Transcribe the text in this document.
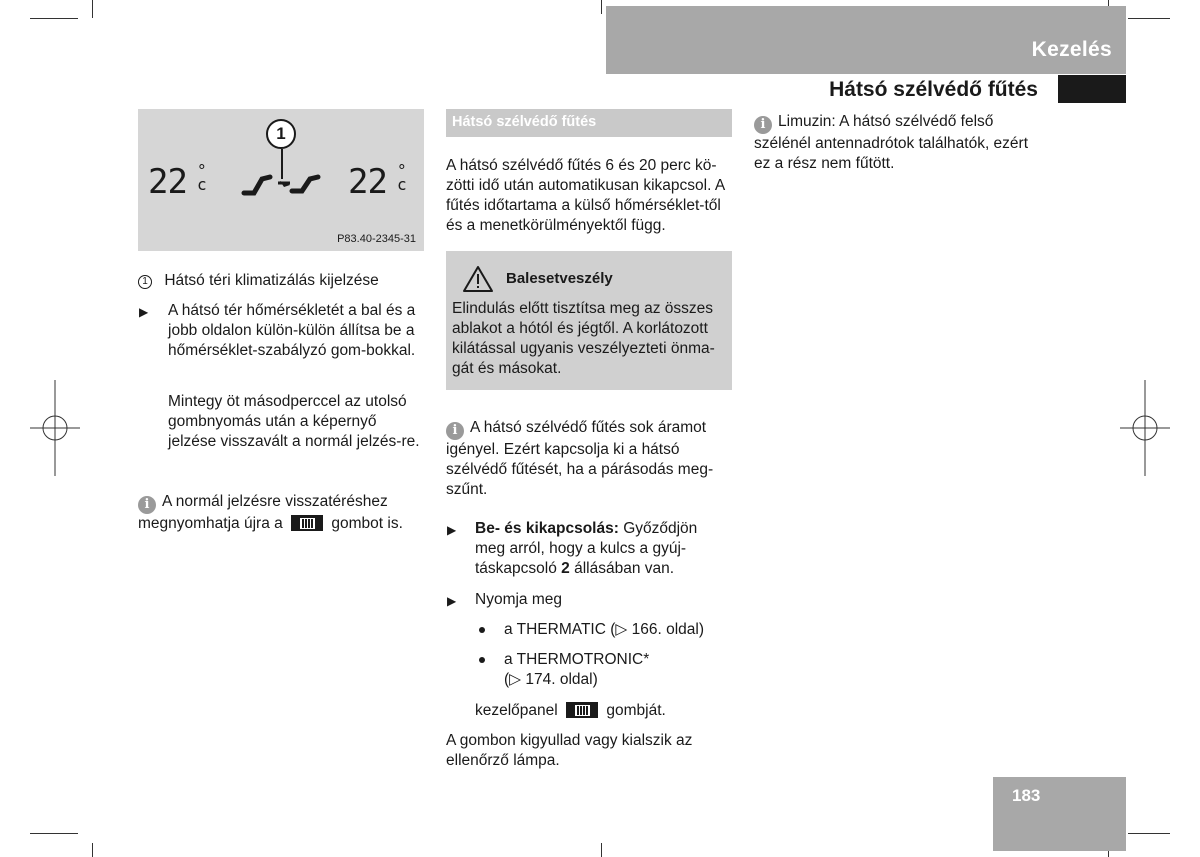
Kezelés
Hátsó szélvédő fűtés
22 °
c	22 °
c
1
P83.40-2345-31
1 Hátsó téri klimatizálás kijelzése
▶ A hátsó tér hőmérsékletét a bal és a jobb oldalon külön-külön állítsa be a hőmérséklet-szabályzó gom-bokkal.
Mintegy öt másodperccel az utolsó gombnyomás után a képernyő jelzése visszavált a normál jelzés-re.
i A normál jelzésre visszatéréshez megnyomhatja újra a	gombot is.
Hátsó szélvédő fűtés
A hátsó szélvédő fűtés 6 és 20 perc kö-zötti idő után automatikusan kikapcsol. A fűtés időtartama a külső hőmérséklet-től és a menetkörülményektől függ.
Balesetveszély
Elindulás előtt tisztítsa meg az összes ablakot a hótól és jégtől. A korlátozott kilátással ugyanis veszélyezteti önma-gát és másokat.
i A hátsó szélvédő fűtés sok áramot igényel. Ezért kapcsolja ki a hátsó szélvédő fűtését, ha a párásodás meg-szűnt.
▶ Be- és kikapcsolás: Győződjön meg arról, hogy a kulcs a gyúj-táskapcsoló 2 állásában van.
▶ Nyomja meg
a THERMATIC (▷ 166. oldal)
a THERMOTRONIC*
(▷ 174. oldal)
kezelőpanel	gombját.
A gombon kigyullad vagy kialszik az ellenőrző lámpa.
i Limuzin: A hátsó szélvédő felső szélénél antennadrótok találhatók, ezért ez a rész nem fűtött.
183
